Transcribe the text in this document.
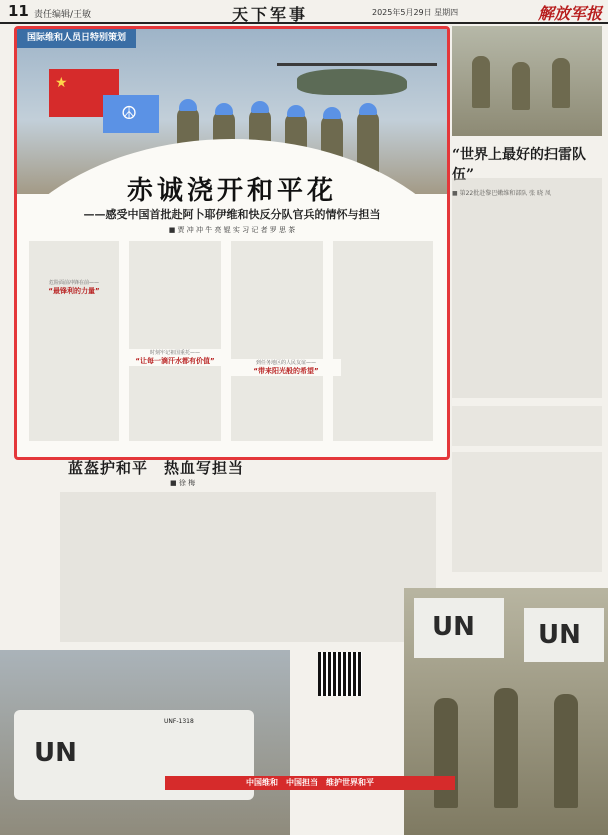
11 责任编辑/王敏	天下军事	2025年5月29日 星期四	解放军报
★
☮
国际维和人员日特别策划
赤诚浇开和平花
——感受中国首批赴阿卜耶伊维和快反分队官兵的情怀与担当
■ 贾 冲 冲 牛 亮 锟 实 习 记 者 罗 思 茶
危险面前冲锋在前——
“最锋利的力量”
时刻牢记祖国重托——
“让每一滴汗水都有价值”	到任务地区的人民友谊——
“带来阳光般的希望”
“世界上最好的扫雷队伍”
■ 第22批赴黎巴嫩维和部队 张 晓 凤
蓝盔护和平　热血写担当
■ 徐 梅
UN
UNF-1318
UN UN
中国维和　中国担当　维护世界和平
